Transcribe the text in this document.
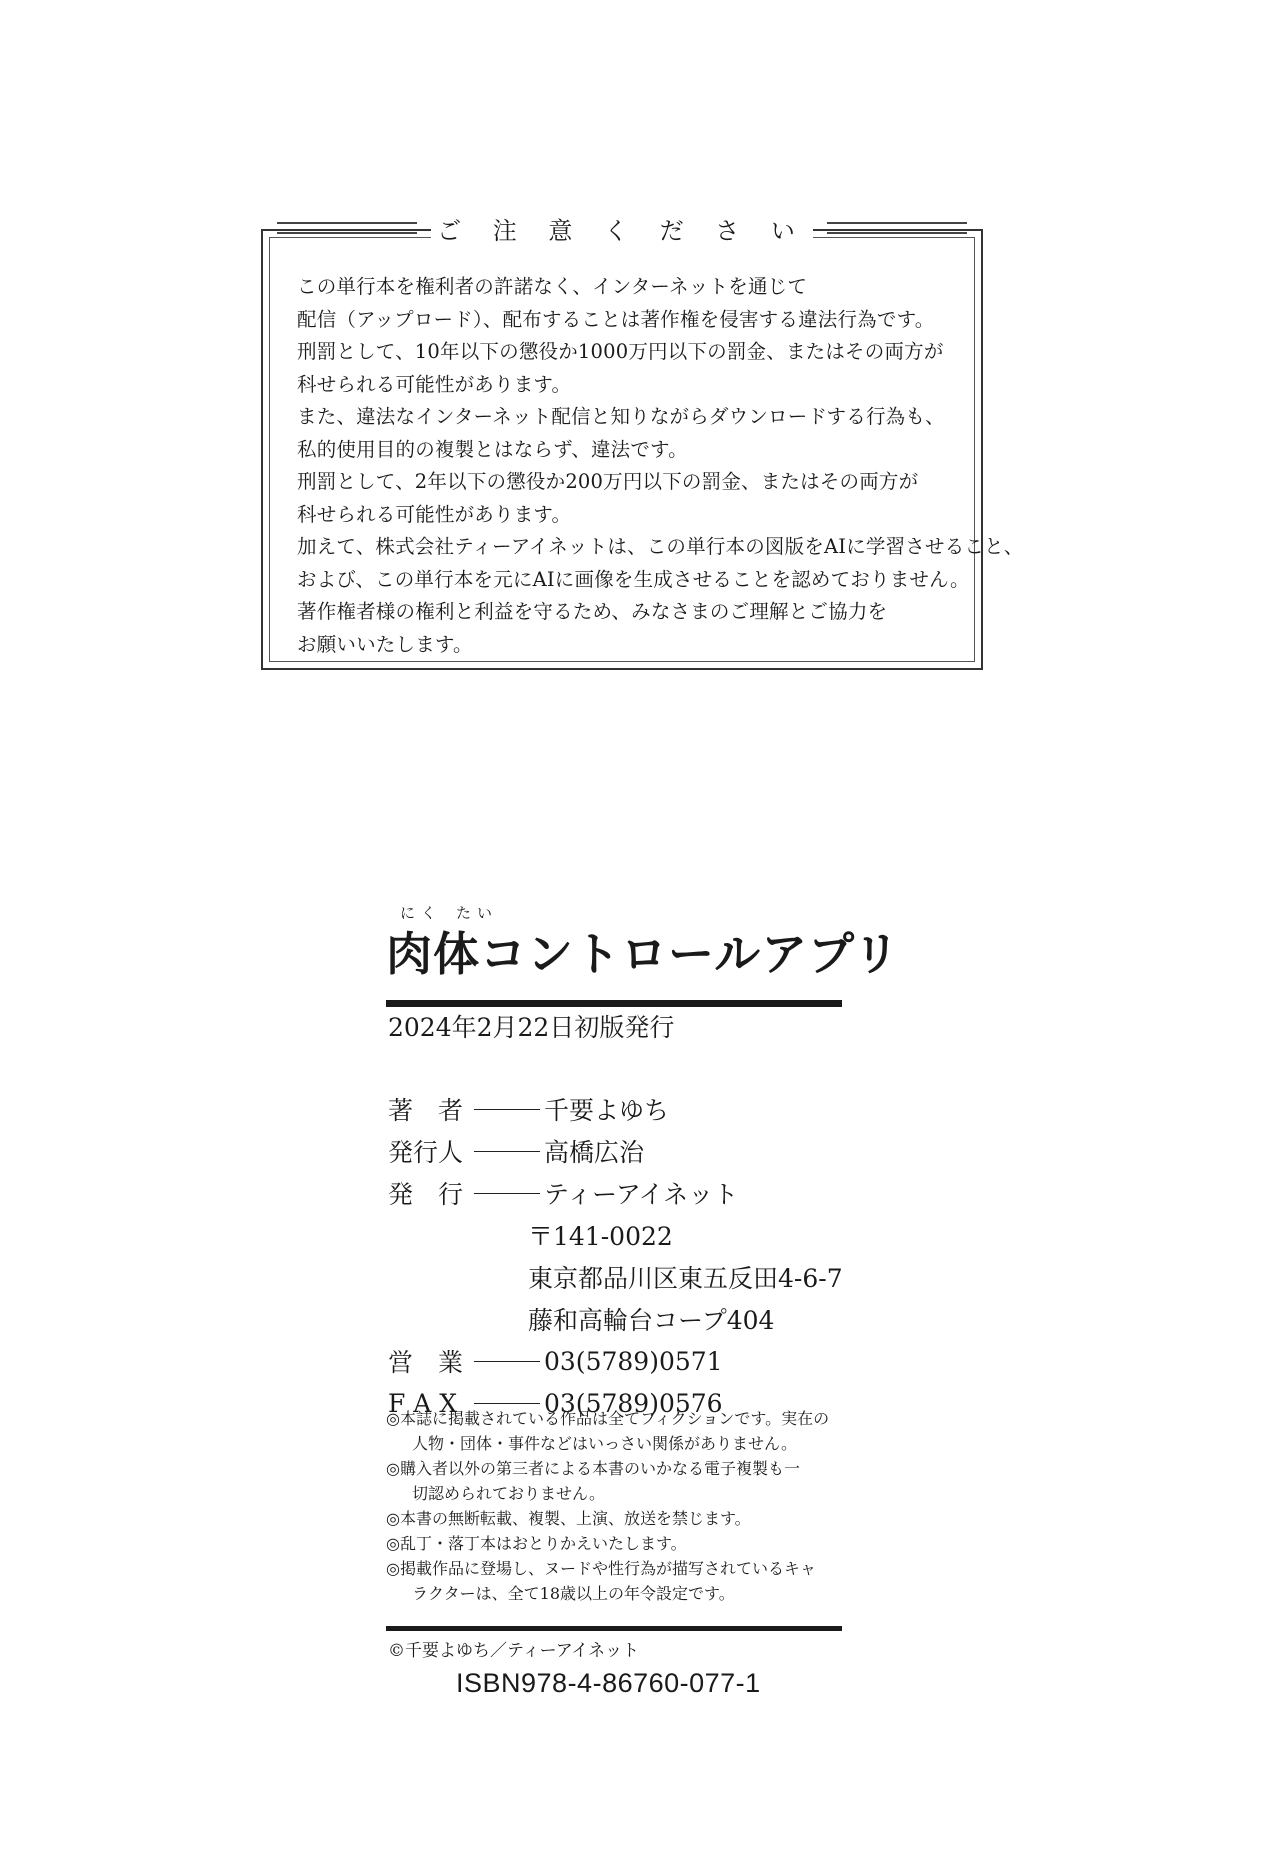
ご 注 意 く だ さ い
この単行本を権利者の許諾なく、インターネットを通じて
配信（アップロード）、配布することは著作権を侵害する違法行為です。
刑罰として、10年以下の懲役か1000万円以下の罰金、またはその両方が
科せられる可能性があります。
また、違法なインターネット配信と知りながらダウンロードする行為も、
私的使用目的の複製とはならず、違法です。
刑罰として、2年以下の懲役か200万円以下の罰金、またはその両方が
科せられる可能性があります。
加えて、株式会社ティーアイネットは、この単行本の図版をAIに学習させること、
および、この単行本を元にAIに画像を生成させることを認めておりません。
著作権者様の権利と利益を守るため、みなさまのご理解とご協力を
お願いいたします。
にく たい
肉体コントロールアプリ
2024年2月22日初版発行
著　者	千要よゆち
発行人	高橋広治
発　行	ティーアイネット
〒141-0022
東京都品川区東五反田4-6-7
藤和高輪台コープ404
営　業	03(5789)0571
F A X	03(5789)0576
◎本誌に掲載されている作品は全てフィクションです。実在の
人物・団体・事件などはいっさい関係がありません。
◎購入者以外の第三者による本書のいかなる電子複製も一
切認められておりません。
◎本書の無断転載、複製、上演、放送を禁じます。
◎乱丁・落丁本はおとりかえいたします。
◎掲載作品に登場し、ヌードや性行為が描写されているキャ
ラクターは、全て18歳以上の年令設定です。
©千要よゆち／ティーアイネット
ISBN978-4-86760-077-1
